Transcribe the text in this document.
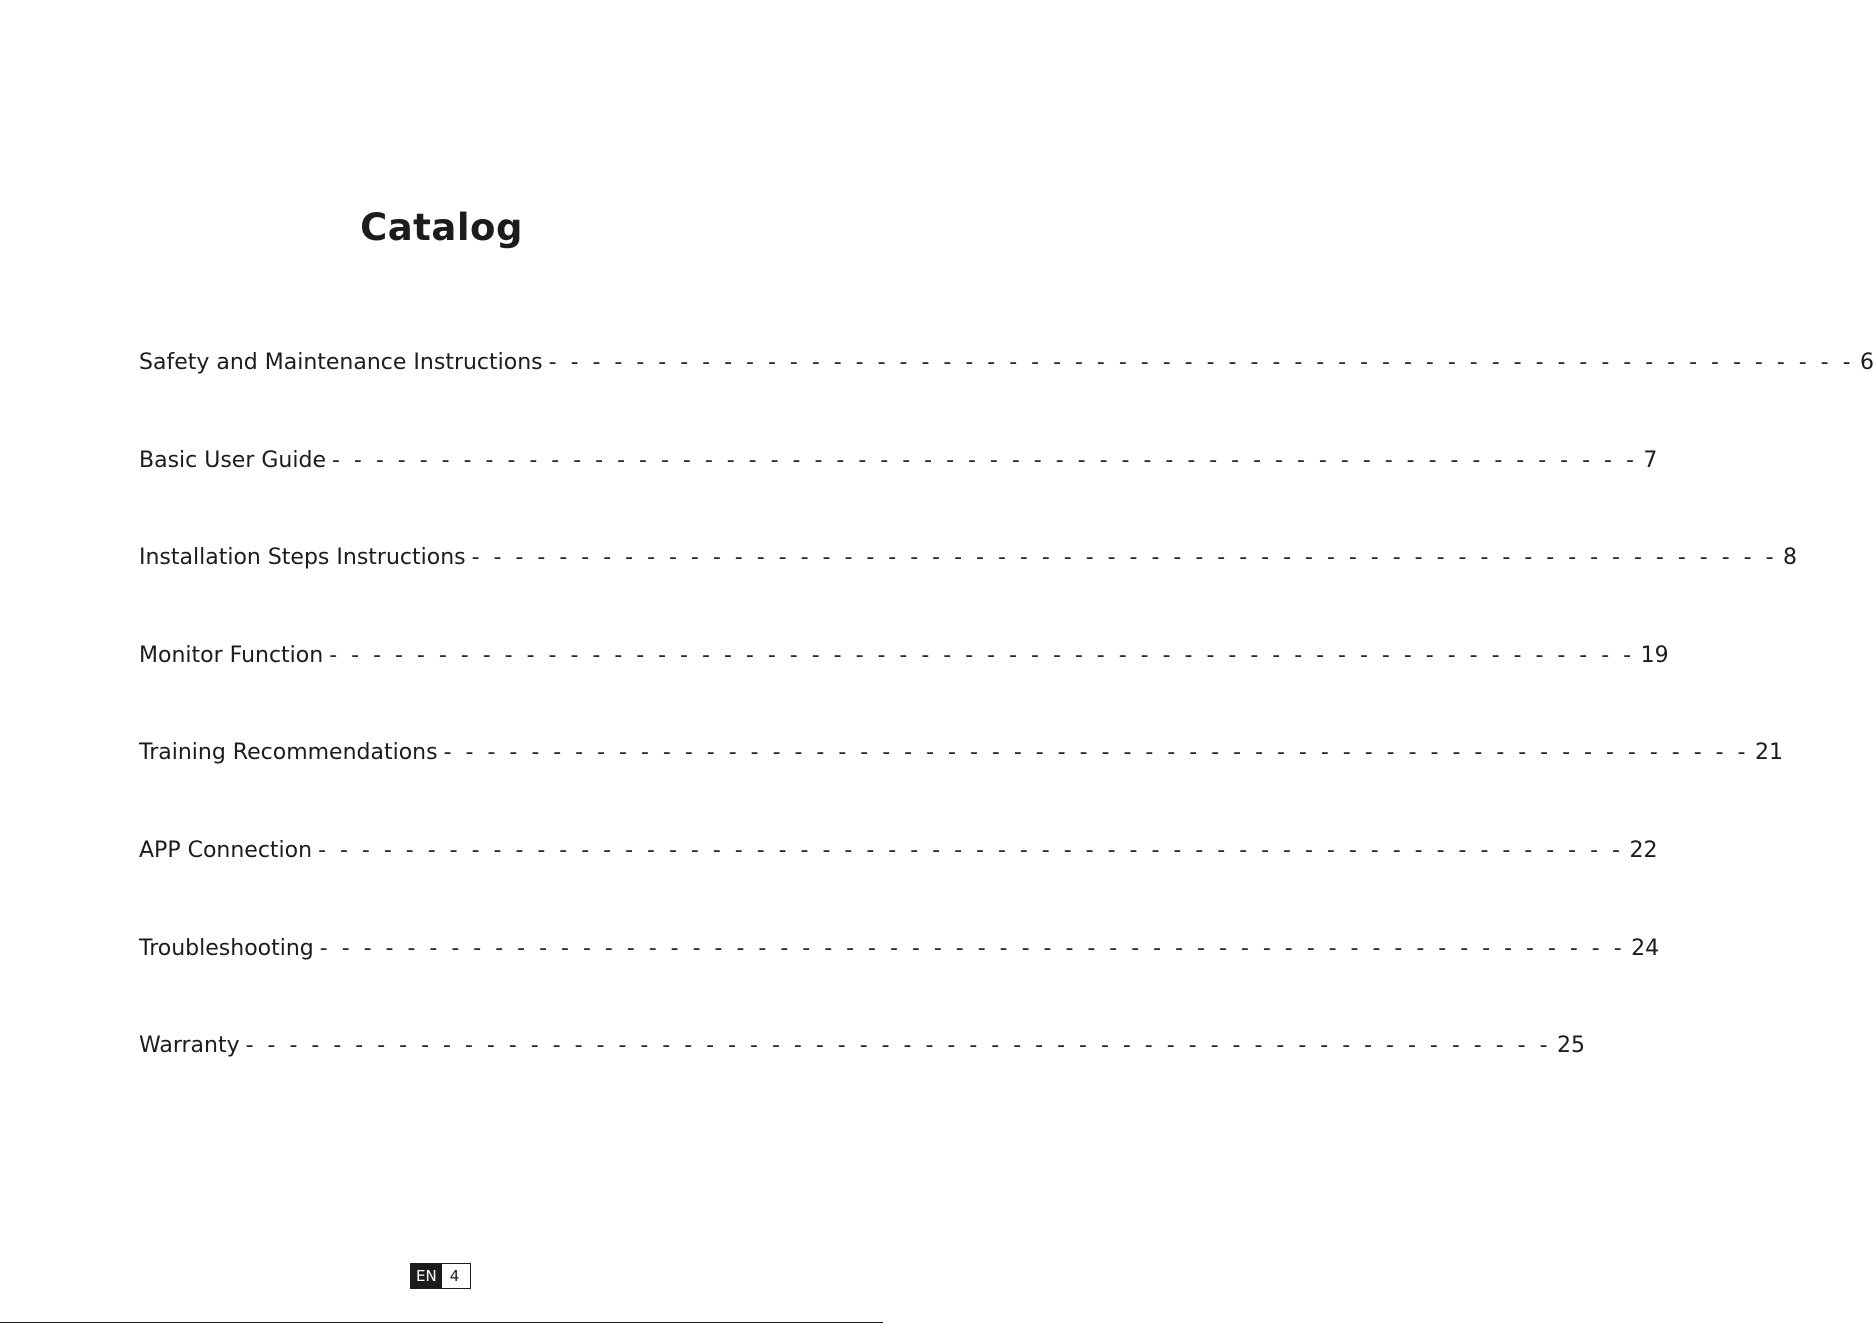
Catalog
Safety and Maintenance Instructions - - - - - - - - - - - - - - - - - - - - - - - - - - - - - - - - - - - - - - - - - - - - - - - - - - - - - - - - - - - - 6
Basic User Guide - - - - - - - - - - - - - - - - - - - - - - - - - - - - - - - - - - - - - - - - - - - - - - - - - - - - - - - - - - - - 7
Installation Steps Instructions - - - - - - - - - - - - - - - - - - - - - - - - - - - - - - - - - - - - - - - - - - - - - - - - - - - - - - - - - - - - 8
Monitor Function - - - - - - - - - - - - - - - - - - - - - - - - - - - - - - - - - - - - - - - - - - - - - - - - - - - - - - - - - - - - 19
Training Recommendations - - - - - - - - - - - - - - - - - - - - - - - - - - - - - - - - - - - - - - - - - - - - - - - - - - - - - - - - - - - - 21
APP Connection - - - - - - - - - - - - - - - - - - - - - - - - - - - - - - - - - - - - - - - - - - - - - - - - - - - - - - - - - - - - 22
Troubleshooting - - - - - - - - - - - - - - - - - - - - - - - - - - - - - - - - - - - - - - - - - - - - - - - - - - - - - - - - - - - - 24
Warranty - - - - - - - - - - - - - - - - - - - - - - - - - - - - - - - - - - - - - - - - - - - - - - - - - - - - - - - - - - - - 25
EN 4
